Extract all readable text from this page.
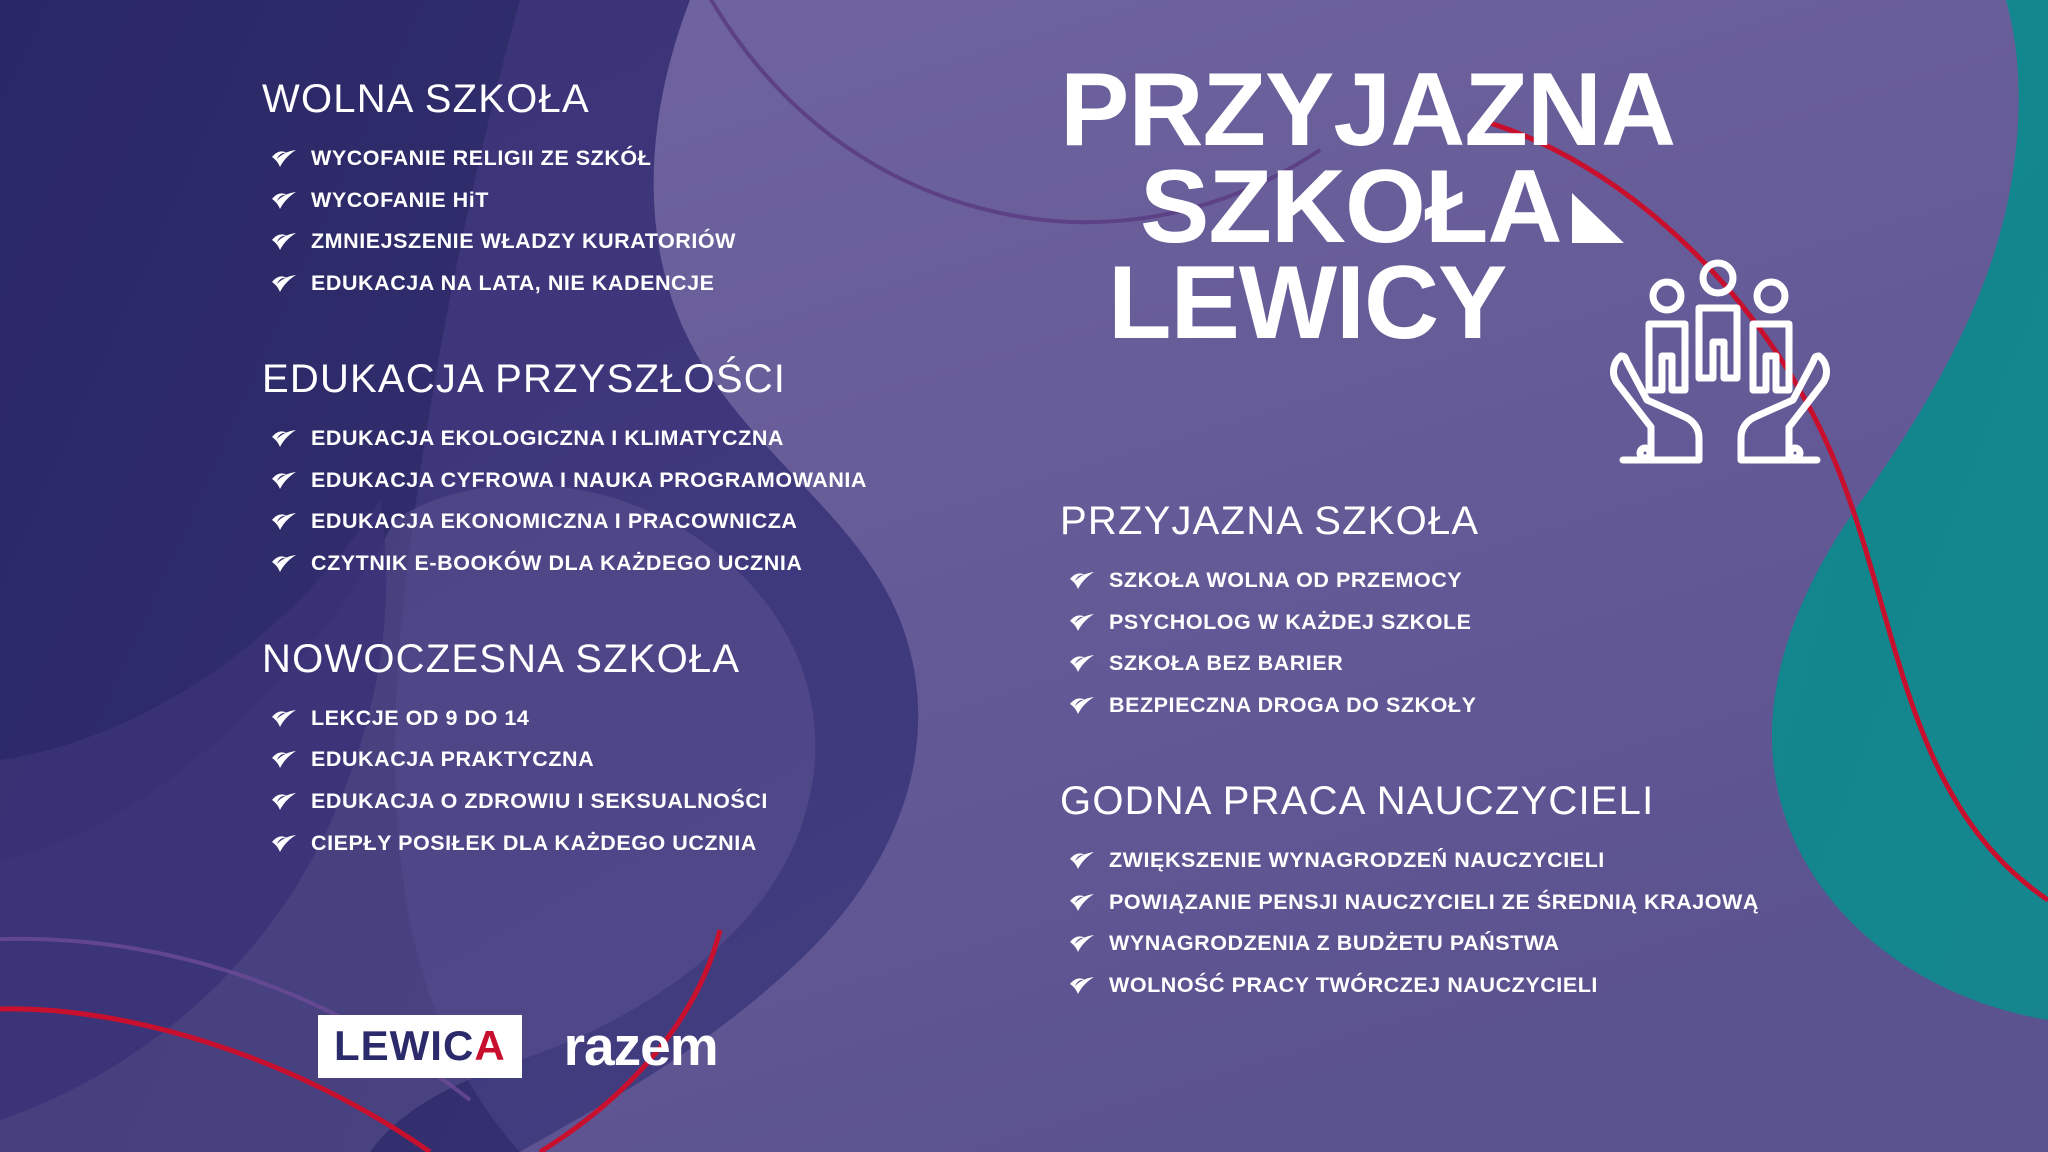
PRZYJAZNA
SZKOŁA
LEWICY
WOLNA SZKOŁA
WYCOFANIE RELIGII ZE SZKÓŁ
WYCOFANIE HiT
ZMNIEJSZENIE WŁADZY KURATORIÓW
EDUKACJA NA LATA, NIE KADENCJE
EDUKACJA PRZYSZŁOŚCI
EDUKACJA EKOLOGICZNA I KLIMATYCZNA
EDUKACJA CYFROWA I NAUKA PROGRAMOWANIA
EDUKACJA EKONOMICZNA I PRACOWNICZA
CZYTNIK E-BOOKÓW DLA KAŻDEGO UCZNIA
NOWOCZESNA SZKOŁA
LEKCJE OD 9 DO 14
EDUKACJA PRAKTYCZNA
EDUKACJA O ZDROWIU I SEKSUALNOŚCI
CIEPŁY POSIŁEK DLA KAŻDEGO UCZNIA
PRZYJAZNA SZKOŁA
SZKOŁA WOLNA OD PRZEMOCY
PSYCHOLOG W KAŻDEJ SZKOLE
SZKOŁA BEZ BARIER
BEZPIECZNA DROGA DO SZKOŁY
GODNA PRACA NAUCZYCIELI
ZWIĘKSZENIE WYNAGRODZEŃ NAUCZYCIELI
POWIĄZANIE PENSJI NAUCZYCIELI ZE ŚREDNIĄ KRAJOWĄ
WYNAGRODZENIA Z BUDŻETU PAŃSTWA
WOLNOŚĆ PRACY TWÓRCZEJ NAUCZYCIELI
LEWICA razem
